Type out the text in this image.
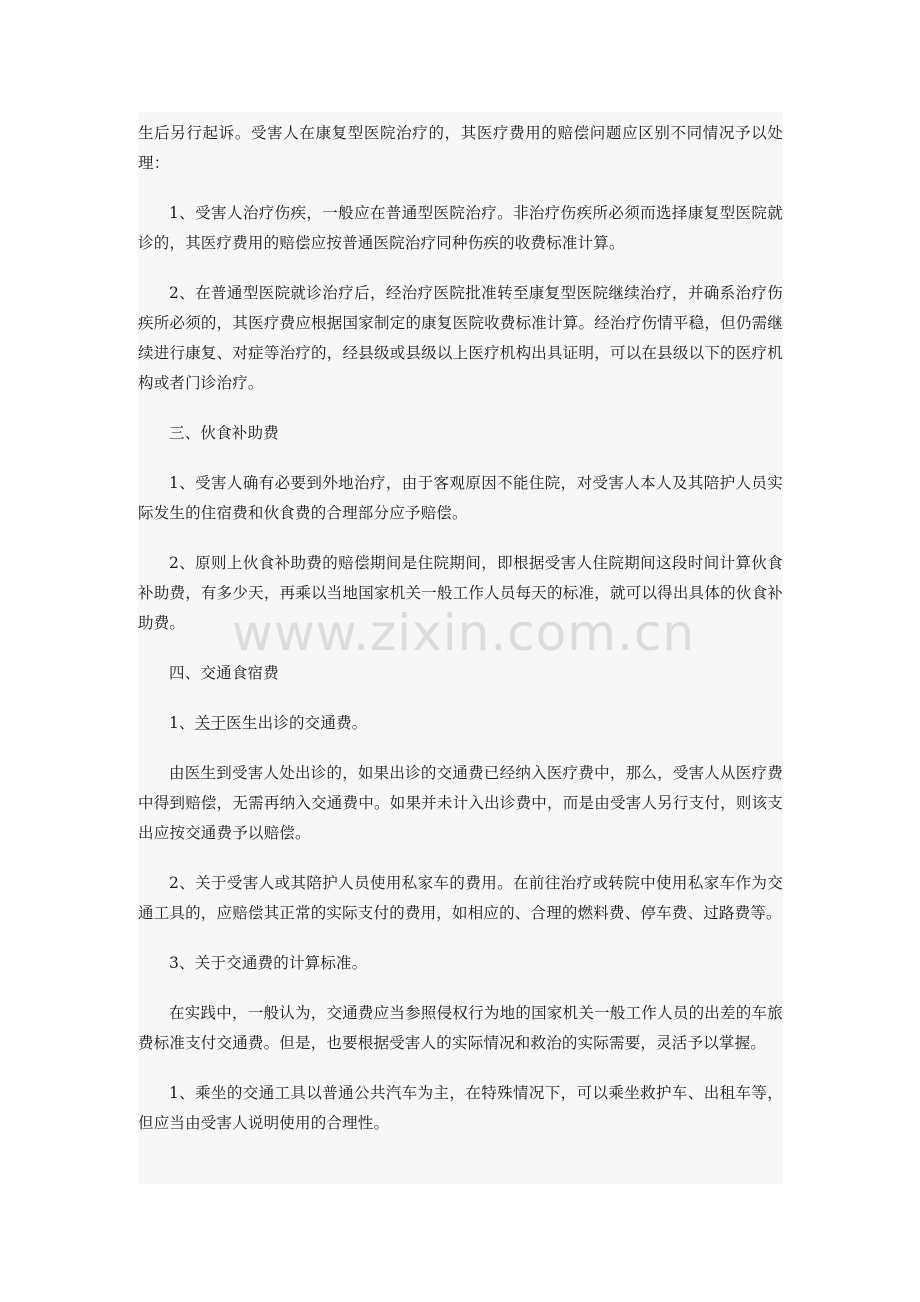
生后另行起诉。受害人在康复型医院治疗的，其医疗费用的赔偿问题应区别不同情况予以处理：

1、受害人治疗伤疾，一般应在普通型医院治疗。非治疗伤疾所必须而选择康复型医院就诊的，其医疗费用的赔偿应按普通医院治疗同种伤疾的收费标准计算。

2、在普通型医院就诊治疗后，经治疗医院批准转至康复型医院继续治疗，并确系治疗伤疾所必须的，其医疗费应根据国家制定的康复医院收费标准计算。经治疗伤情平稳，但仍需继续进行康复、对症等治疗的，经县级或县级以上医疗机构出具证明，可以在县级以下的医疗机构或者门诊治疗。

三、伙食补助费

1、受害人确有必要到外地治疗，由于客观原因不能住院，对受害人本人及其陪护人员实际发生的住宿费和伙食费的合理部分应予赔偿。

2、原则上伙食补助费的赔偿期间是住院期间，即根据受害人住院期间这段时间计算伙食补助费，有多少天，再乘以当地国家机关一般工作人员每天的标准，就可以得出具体的伙食补助费。

四、交通食宿费

1、关于医生出诊的交通费。

由医生到受害人处出诊的，如果出诊的交通费已经纳入医疗费中，那么，受害人从医疗费中得到赔偿，无需再纳入交通费中。如果并未计入出诊费中，而是由受害人另行支付，则该支出应按交通费予以赔偿。

2、关于受害人或其陪护人员使用私家车的费用。在前往治疗或转院中使用私家车作为交通工具的，应赔偿其正常的实际支付的费用，如相应的、合理的燃料费、停车费、过路费等。

3、关于交通费的计算标准。

在实践中，一般认为，交通费应当参照侵权行为地的国家机关一般工作人员的出差的车旅费标准支付交通费。但是，也要根据受害人的实际情况和救治的实际需要，灵活予以掌握。

1、乘坐的交通工具以普通公共汽车为主，在特殊情况下，可以乘坐救护车、出租车等，但应当由受害人说明使用的合理性。

www.zixin.com.cn
